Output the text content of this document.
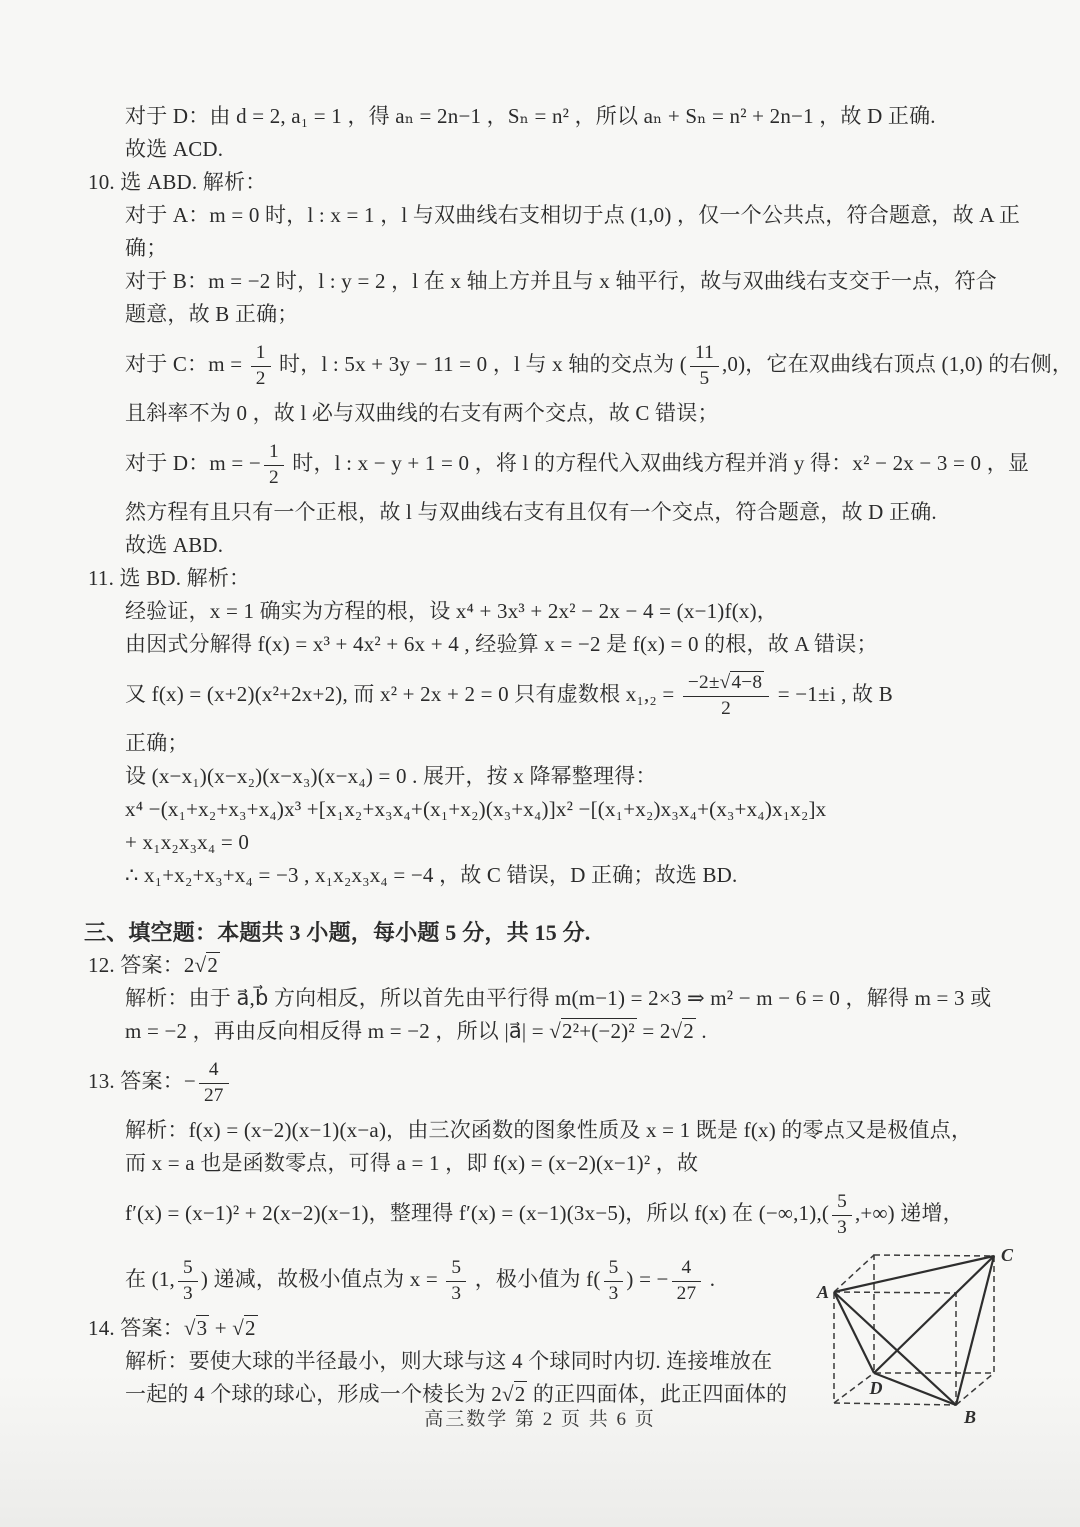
对于 D：由 d = 2, a₁ = 1 ，得 aₙ = 2n−1 ，Sₙ = n² ，所以 aₙ + Sₙ = n² + 2n−1 ，故 D 正确.
故选 ACD.
10. 选 ABD. 解析：
对于 A：m = 0 时，l : x = 1 ，l 与双曲线右支相切于点 (1,0) ，仅一个公共点，符合题意，故 A 正
确；
对于 B：m = −2 时，l : y = 2 ，l 在 x 轴上方并且与 x 轴平行，故与双曲线右支交于一点，符合
题意，故 B 正确；
对于 C：$m = \frac{1}{2}$ 时，l : 5x + 3y − 11 = 0 ，l 与 x 轴的交点为 ( $\frac{11}{5} ,0$)，它在双曲线右顶点 (1,0) 的右侧，
且斜率不为 0 ，故 l 必与双曲线的右支有两个交点，故 C 错误；
对于 D：m = − $\frac{1}{2}$ 时，l : x − y + 1 = 0 ，将 l 的方程代入双曲线方程并消 y 得：x² − 2x − 3 = 0 ，显
然方程有且只有一个正根，故 l 与双曲线右支有且仅有一个交点，符合题意，故 D 正确.
故选 ABD.
11. 选 BD. 解析：
经验证，x = 1 确实为方程的根，设 x⁴ + 3x³ + 2x² − 2x − 4 = (x−1)f(x)，
由因式分解得 f(x) = x³ + 4x² + 6x + 4 , 经验算 x = −2 是 f(x) = 0 的根，故 A 错误；
又 f(x) = (x+2)(x²+2x+2), 而 x² + 2x + 2 = 0 只有虚数根 $x_1,_2 = \frac{-2\pm√4-8}{2} = -1\pm i$ , 故 B
正确；
设 (x−x₁)(x−x₂)(x−x₃)(x−x₄) = 0 . 展开，按 x 降幂整理得：
x⁴ −(x₁+x₂+x₃+x₄)x³ +[x₁x₂+x₃x₄+(x₁+x₂)(x₃+x₄)]x² −[(x₁+x₂)x₃x₄+(x₃+x₄)x₁x₂]x
+ x₁x₂x₃x₄ = 0
∴ x₁+x₂+x₃+x₄ = −3 , x₁x₂x₃x₄ = −4 ，故 C 错误，D 正确；故选 BD.
三、填空题：本题共 3 小题，每小题 5 分，共 15 分.
12. 答案：2√2
解析：由于 a⃗,b⃗ 方向相反，所以首先由平行得 m(m−1) = 2×3 ⇒ m² − m − 6 = 0 ，解得 m = 3 或
m = −2 ，再由反向相反得 m = −2 ，所以 |a⃗| = √2²+(−2)² = 2√2 .
13. 答案：− $\frac{4}{27}$
解析：f(x) = (x−2)(x−1)(x−a)，由三次函数的图象性质及 x = 1 既是 f(x) 的零点又是极值点，
而 x = a 也是函数零点，可得 a = 1 ，即 f(x) = (x−2)(x−1)² ，故
f′(x) = (x−1)² + 2(x−2)(x−1)，整理得 f′(x) = (x−1)(3x−5)，所以 f(x) 在 $(-\infty,1),( \frac{5}{3}$ ,+∞) 递增，
在 (1, $\frac{5}{3}$ ) 递减，故极小值点为 $x = \frac{5}{3}$ ，极小值为 $f( \frac{5}{3}$ ) = − $\frac{4}{27}$ .
14. 答案：√3 + √2
解析：要使大球的半径最小，则大球与这 4 个球同时内切. 连接堆放在
一起的 4 个球的球心，形成一个棱长为 2√2 的正四面体，此正四面体的
A
C
D
B
高三数学 第 2 页 共 6 页
